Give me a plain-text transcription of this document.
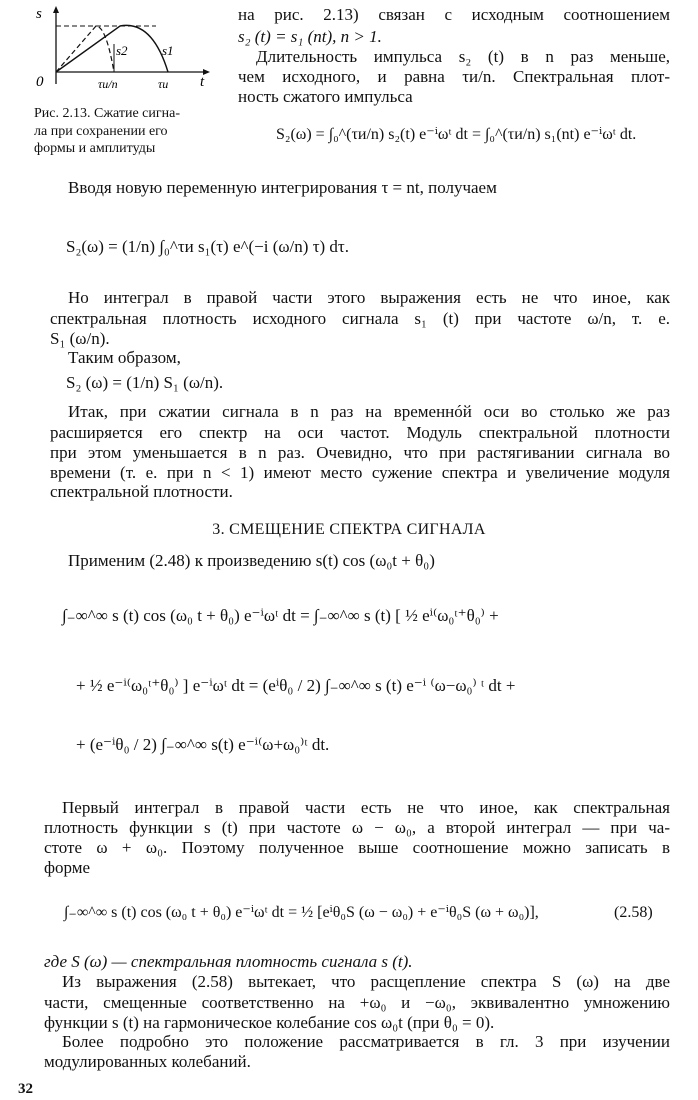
s
0	t
s2	s1
τи/n	τи
Рис. 2.13. Сжатие сигна-
ла при сохранении его
формы и амплитуды
на рис. 2.13) связан с исходным соотношением
s₂ (t) = s₁ (nt), n > 1.
Длительность импульса s₂ (t) в n раз меньше,
чем исходного, и равна τи/n. Спектральная плот-
ность сжатого импульса
S₂(ω) = ∫₀^(τи/n) s₂(t) e⁻ⁱωᵗ dt = ∫₀^(τи/n) s₁(nt) e⁻ⁱωᵗ dt.
Вводя новую переменную интегрирования τ = nt, получаем
S₂(ω) = (1/n) ∫₀^τи s₁(τ) e^(−i (ω/n) τ) dτ.
Но интеграл в правой части этого выражения есть не что иное, как
спектральная плотность исходного сигнала s₁ (t) при частоте ω/n, т. е.
S₁ (ω/n).
Таким образом,
S₂ (ω) = (1/n) S₁ (ω/n).
Итак, при сжатии сигнала в n раз на временнóй оси во столько же раз
расширяется его спектр на оси частот. Модуль спектральной плотности
при этом уменьшается в n раз. Очевидно, что при растягивании сигнала во
времени (т. е. при n < 1) имеют место сужение спектра и увеличение модуля
спектральной плотности.
3. СМЕЩЕНИЕ СПЕКТРА СИГНАЛА
Применим (2.48) к произведению s(t) cos (ω₀t + θ₀)
∫₋∞^∞ s (t) cos (ω₀ t + θ₀) e⁻ⁱωᵗ dt = ∫₋∞^∞ s (t) [ ½ eⁱ⁽ω₀ᵗ⁺θ₀⁾ +
+ ½ e⁻ⁱ⁽ω₀ᵗ⁺θ₀⁾ ] e⁻ⁱωᵗ dt = (eⁱθ₀ / 2) ∫₋∞^∞ s (t) e⁻ⁱ ⁽ω−ω₀⁾ ᵗ dt +
+ (e⁻ⁱθ₀ / 2) ∫₋∞^∞ s(t) e⁻ⁱ⁽ω+ω₀⁾ᵗ dt.
Первый интеграл в правой части есть не что иное, как спектральная
плотность функции s (t) при частоте ω − ω₀, а второй интеграл — при ча-
стоте ω + ω₀. Поэтому полученное выше соотношение можно записать в
форме
∫₋∞^∞ s (t) cos (ω₀ t + θ₀) e⁻ⁱωᵗ dt = ½ [eⁱθ₀S (ω − ω₀) + e⁻ⁱθ₀S (ω + ω₀)],	(2.58)
где S (ω) — спектральная плотность сигнала s (t).
Из выражения (2.58) вытекает, что расщепление спектра S (ω) на две
части, смещенные соответственно на +ω₀ и −ω₀, эквивалентно умножению
функции s (t) на гармоническое колебание cos ω₀t (при θ₀ = 0).
Более подробно это положение рассматривается в гл. 3 при изучении
модулированных колебаний.
32
